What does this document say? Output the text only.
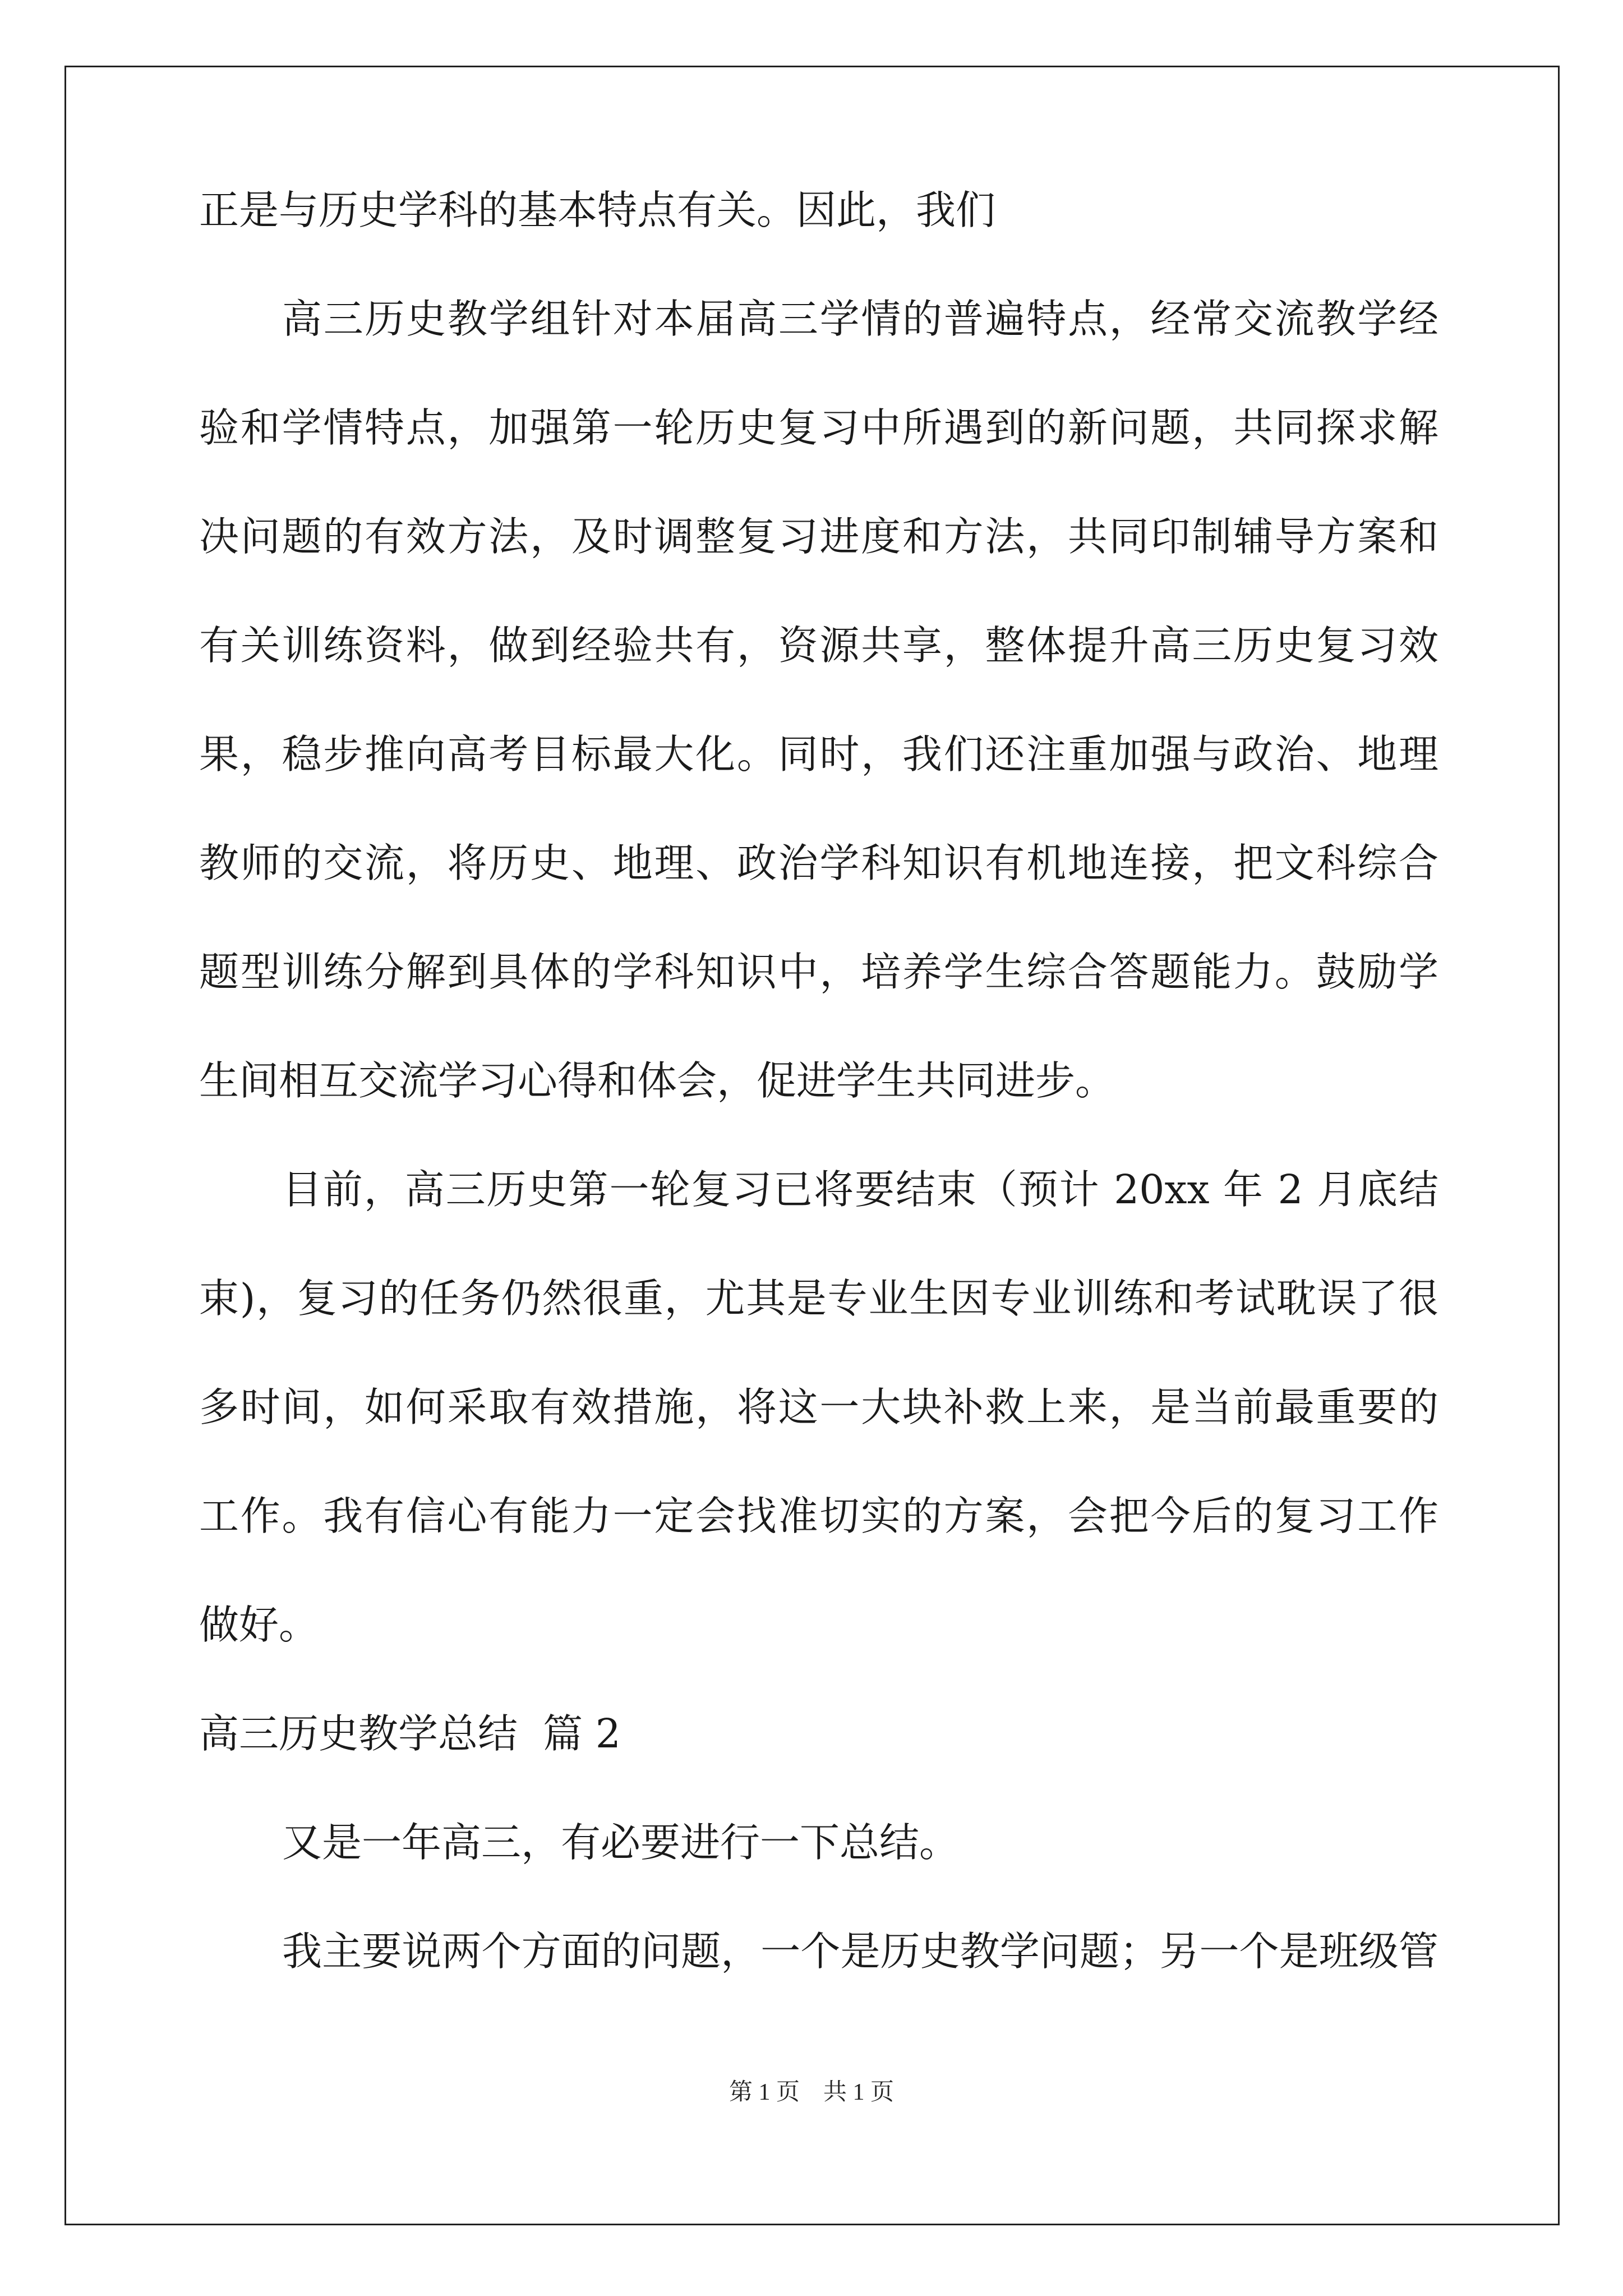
正是与历史学科的基本特点有关。因此，我们
高三历史教学组针对本届高三学情的普遍特点，经常交流教学经
验和学情特点，加强第一轮历史复习中所遇到的新问题，共同探求解
决问题的有效方法，及时调整复习进度和方法，共同印制辅导方案和
有关训练资料，做到经验共有，资源共享，整体提升高三历史复习效
果，稳步推向高考目标最大化。同时，我们还注重加强与政治、地理
教师的交流，将历史、地理、政治学科知识有机地连接，把文科综合
题型训练分解到具体的学科知识中，培养学生综合答题能力。鼓励学
生间相互交流学习心得和体会，促进学生共同进步。
目前，高三历史第一轮复习已将要结束（预计 20xx 年 2 月底结
束)，复习的任务仍然很重，尤其是专业生因专业训练和考试耽误了很
多时间，如何采取有效措施，将这一大块补救上来，是当前最重要的
工作。我有信心有能力一定会找准切实的方案，会把今后的复习工作
做好。
高三历史教学总结  篇 2
又是一年高三，有必要进行一下总结。
我主要说两个方面的问题，一个是历史教学问题；另一个是班级管
第 1 页    共 1 页
